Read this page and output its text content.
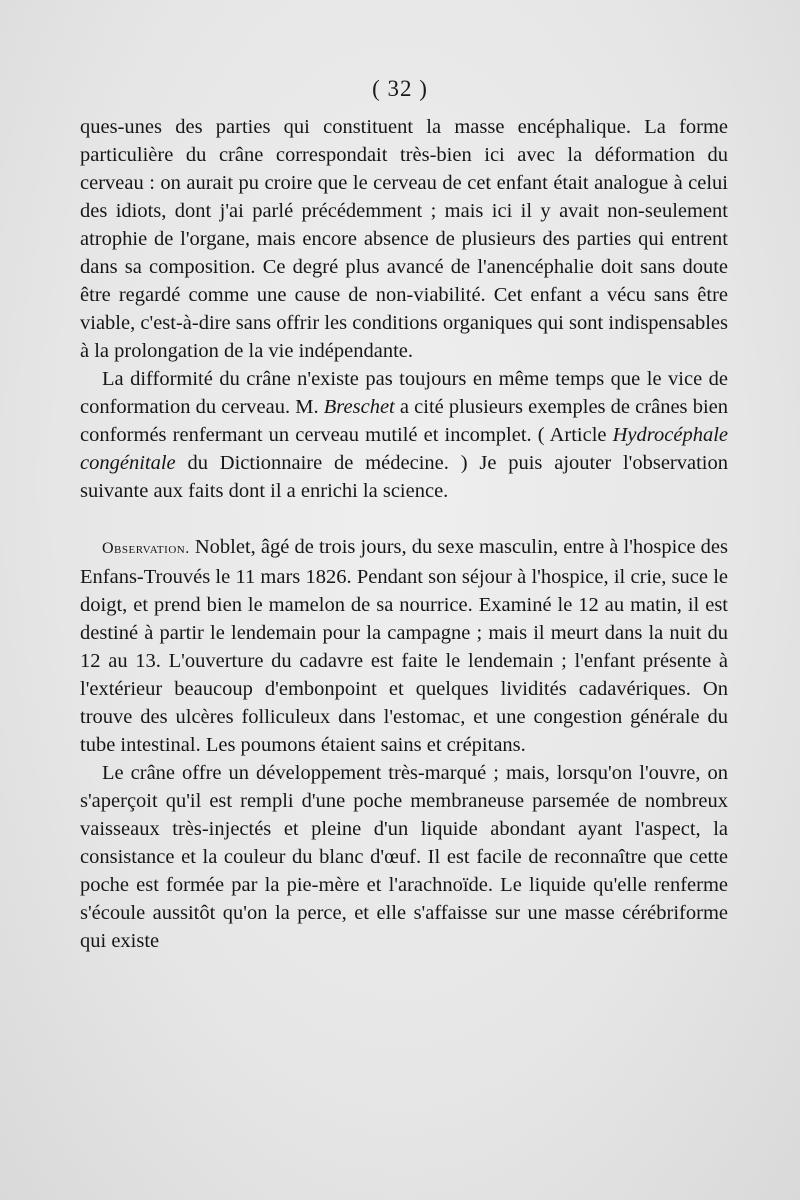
( 32 )

ques-unes des parties qui constituent la masse encéphalique. La forme particulière du crâne correspondait très-bien ici avec la déformation du cerveau : on aurait pu croire que le cerveau de cet enfant était analogue à celui des idiots, dont j'ai parlé précédemment ; mais ici il y avait non-seulement atrophie de l'organe, mais encore absence de plusieurs des parties qui entrent dans sa composition. Ce degré plus avancé de l'anencéphalie doit sans doute être regardé comme une cause de non-viabilité. Cet enfant a vécu sans être viable, c'est-à-dire sans offrir les conditions organiques qui sont indispensables à la prolongation de la vie indépendante.

La difformité du crâne n'existe pas toujours en même temps que le vice de conformation du cerveau. M. Breschet a cité plusieurs exemples de crânes bien conformés renfermant un cerveau mutilé et incomplet. ( Article Hydrocéphale congénitale du Dictionnaire de médecine. ) Je puis ajouter l'observation suivante aux faits dont il a enrichi la science.

Observation. Noblet, âgé de trois jours, du sexe masculin, entre à l'hospice des Enfans-Trouvés le 11 mars 1826. Pendant son séjour à l'hospice, il crie, suce le doigt, et prend bien le mamelon de sa nourrice. Examiné le 12 au matin, il est destiné à partir le lendemain pour la campagne ; mais il meurt dans la nuit du 12 au 13. L'ouverture du cadavre est faite le lendemain ; l'enfant présente à l'extérieur beaucoup d'embonpoint et quelques lividités cadavériques. On trouve des ulcères folliculeux dans l'estomac, et une congestion générale du tube intestinal. Les poumons étaient sains et crépitans.

Le crâne offre un développement très-marqué ; mais, lorsqu'on l'ouvre, on s'aperçoit qu'il est rempli d'une poche membraneuse parsemée de nombreux vaisseaux très-injectés et pleine d'un liquide abondant ayant l'aspect, la consistance et la couleur du blanc d'œuf. Il est facile de reconnaître que cette poche est formée par la pie-mère et l'arachnoïde. Le liquide qu'elle renferme s'écoule aussitôt qu'on la perce, et elle s'affaisse sur une masse cérébriforme qui existe
